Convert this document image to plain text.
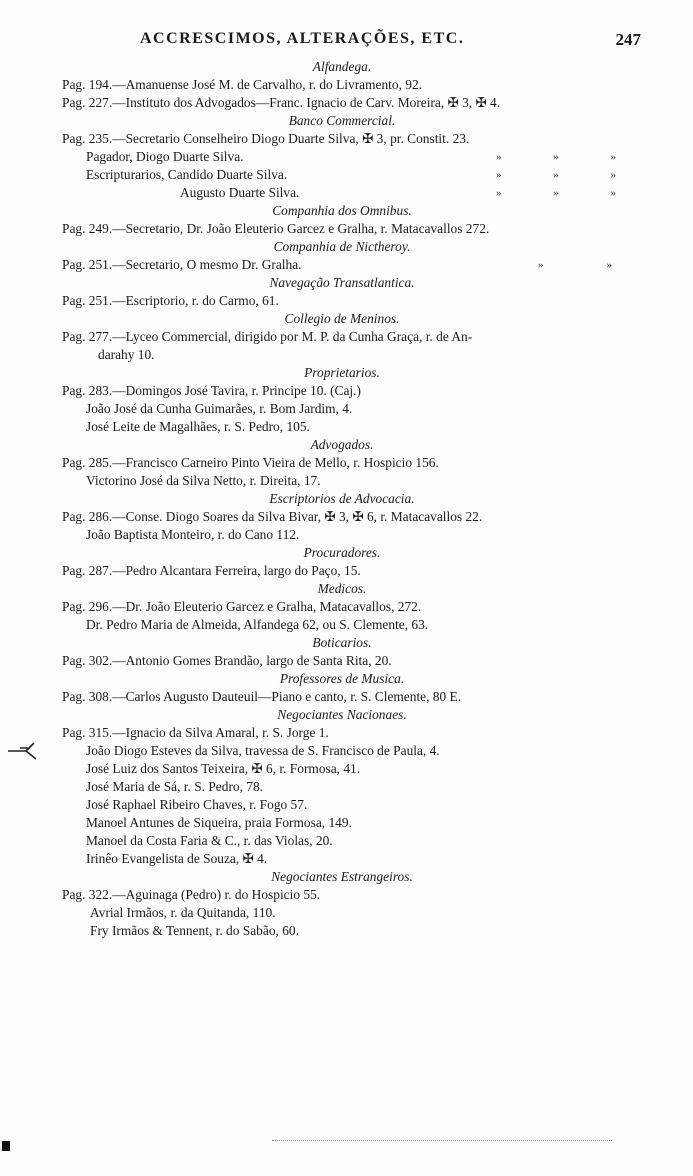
ACCRESCIMOS, ALTERAÇÕES, ETC.	247
Alfandega.
Pag. 194.—Amanuense José M. de Carvalho, r. do Livramento, 92.
Pag. 227.—Instituto dos Advogados—Franc. Ignacio de Carv. Moreira, ✠ 3, ✠ 4.
Banco Commercial.
Pag. 235.—Secretario Conselheiro Diogo Duarte Silva, ✠ 3, pr. Constit. 23.
Pagador, Diogo Duarte Silva.	»	»	»
Escripturarios, Candido Duarte Silva.	»	»	»
Augusto Duarte Silva.	»	»	»
Companhia dos Omnibus.
Pag. 249.—Secretario, Dr. João Eleuterio Garcez e Gralha, r. Matacavallos 272.
Companhia de Nictheroy.
Pag. 251.—Secretario, O mesmo Dr. Gralha.	»	»
Navegação Transatlantica.
Pag. 251.—Escriptorio, r. do Carmo, 61.
Collegio de Meninos.
Pag. 277.—Lyceo Commercial, dirigido por M. P. da Cunha Graça, r. de An-
darahy 10.
Proprietarios.
Pag. 283.—Domingos José Tavira, r. Principe 10. (Caj.)
João José da Cunha Guimarães, r. Bom Jardim, 4.
José Leite de Magalhães, r. S. Pedro, 105.
Advogados.
Pag. 285.—Francisco Carneiro Pinto Vieira de Mello, r. Hospicio 156.
Victorino José da Silva Netto, r. Direita, 17.
Escriptorios de Advocacia.
Pag. 286.—Conse. Diogo Soares da Silva Bivar, ✠ 3, ✠ 6, r. Matacavallos 22.
João Baptista Monteiro, r. do Cano 112.
Procuradores.
Pag. 287.—Pedro Alcantara Ferreira, largo do Paço, 15.
Medicos.
Pag. 296.—Dr. João Eleuterio Garcez e Gralha, Matacavallos, 272.
Dr. Pedro Maria de Almeida, Alfandega 62, ou S. Clemente, 63.
Boticarios.
Pag. 302.—Antonio Gomes Brandão, largo de Santa Rita, 20.
Professores de Musica.
Pag. 308.—Carlos Augusto Dauteuil—Piano e canto, r. S. Clemente, 80 E.
Negociantes Nacionaes.
Pag. 315.—Ignacio da Silva Amaral, r. S. Jorge 1.
João Diogo Esteves da Silva, travessa de S. Francisco de Paula, 4.
José Luiz dos Santos Teixeira, ✠ 6, r. Formosa, 41.
José Maria de Sá, r. S. Pedro, 78.
José Raphael Ribeiro Chaves, r. Fogo 57.
Manoel Antunes de Siqueira, praia Formosa, 149.
Manoel da Costa Faria & C., r. das Violas, 20.
Irinêo Evangelista de Souza, ✠ 4.
Negociantes Estrangeiros.
Pag. 322.—Aguinaga (Pedro) r. do Hospicio 55.
Avrial Irmãos, r. da Quitanda, 110.
Fry Irmãos & Tennent, r. do Sabão, 60.
